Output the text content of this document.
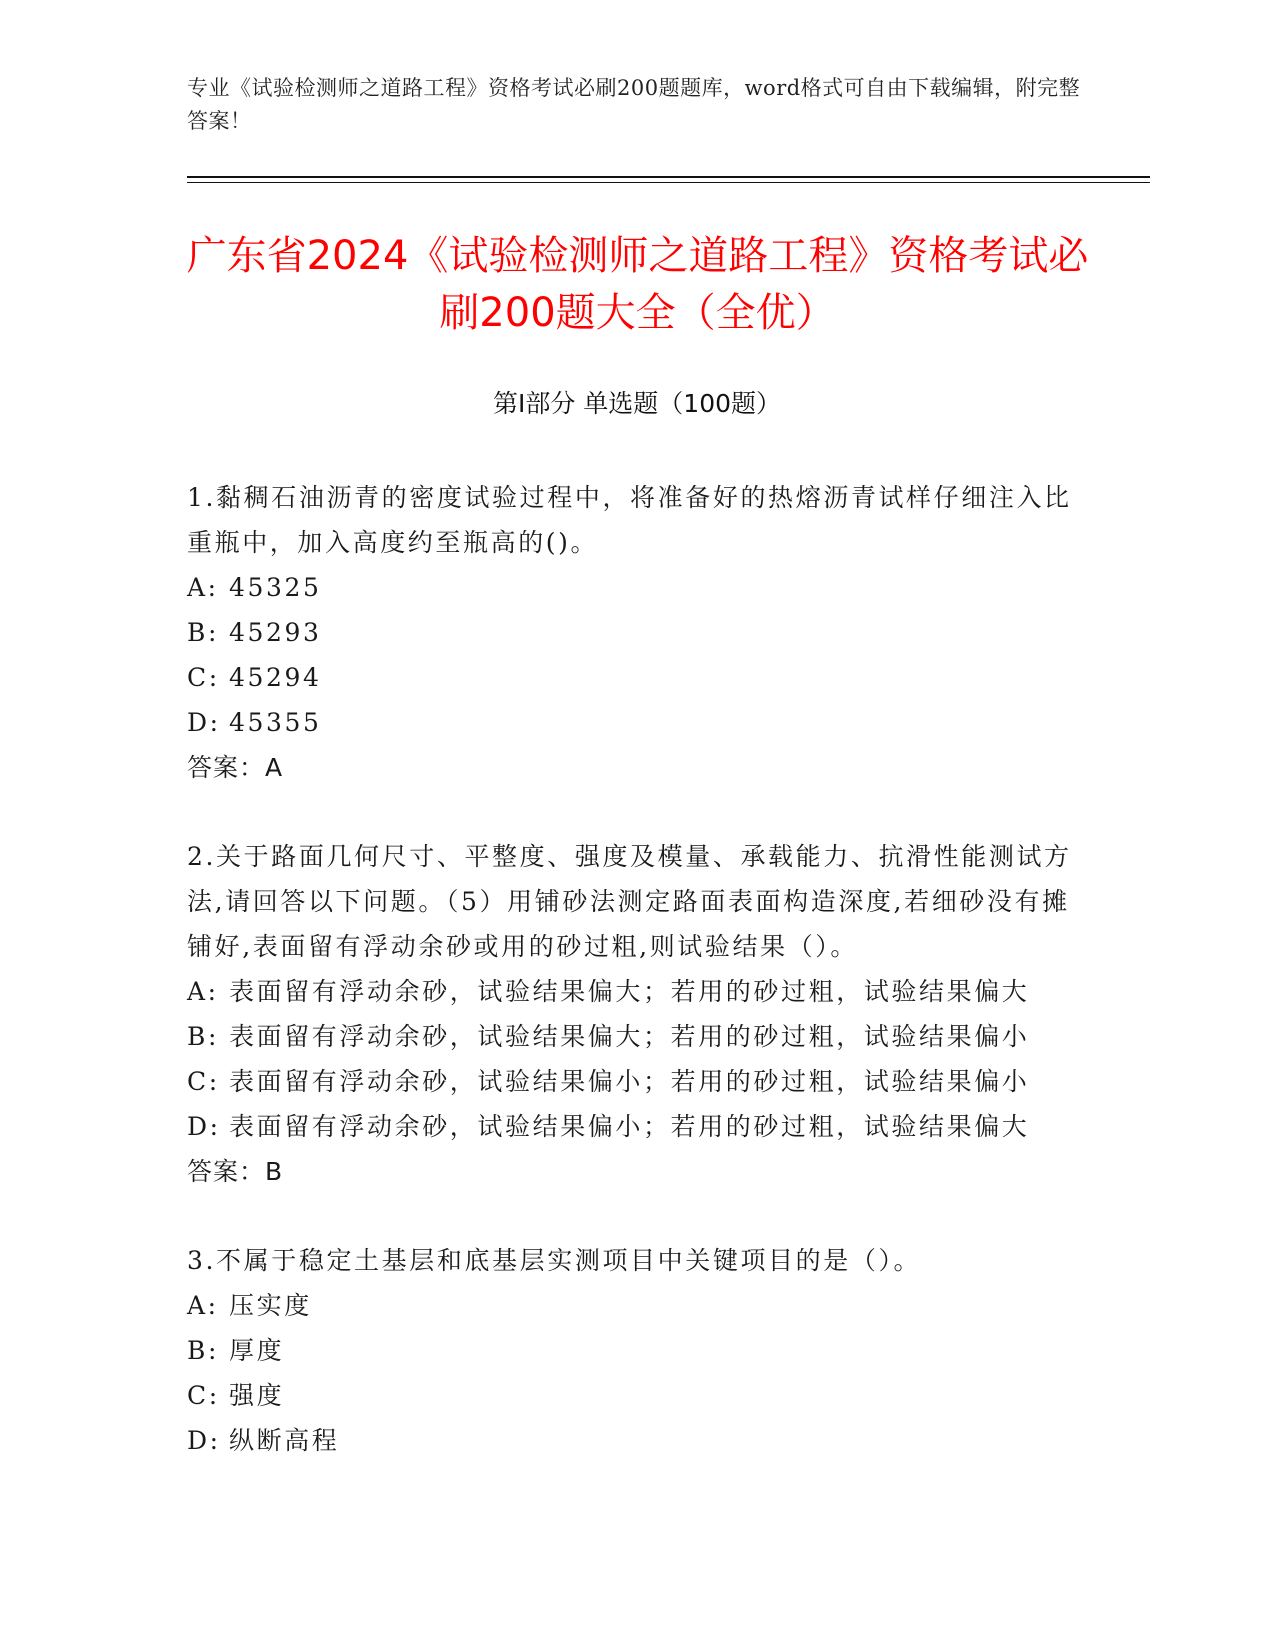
专业《试验检测师之道路工程》资格考试必刷200题题库，word格式可自由下载编辑，附完整答案！
广东省2024《试验检测师之道路工程》资格考试必刷200题大全（全优）
第Ⅰ部分 单选题（100题）

1.黏稠石油沥青的密度试验过程中，将准备好的热熔沥青试样仔细注入比重瓶中，加入高度约至瓶高的()。

A: 45325
B: 45293
C: 45294
D: 45355
答案：A

2.关于路面几何尺寸、平整度、强度及模量、承载能力、抗滑性能测试方法,请回答以下问题。（5）用铺砂法测定路面表面构造深度,若细砂没有摊铺好,表面留有浮动余砂或用的砂过粗,则试验结果（）。

A: 表面留有浮动余砂，试验结果偏大；若用的砂过粗，试验结果偏大
B: 表面留有浮动余砂，试验结果偏大；若用的砂过粗，试验结果偏小
C: 表面留有浮动余砂，试验结果偏小；若用的砂过粗，试验结果偏小
D: 表面留有浮动余砂，试验结果偏小；若用的砂过粗，试验结果偏大
答案：B

3.不属于稳定土基层和底基层实测项目中关键项目的是（）。

A: 压实度
B: 厚度
C: 强度
D: 纵断高程
